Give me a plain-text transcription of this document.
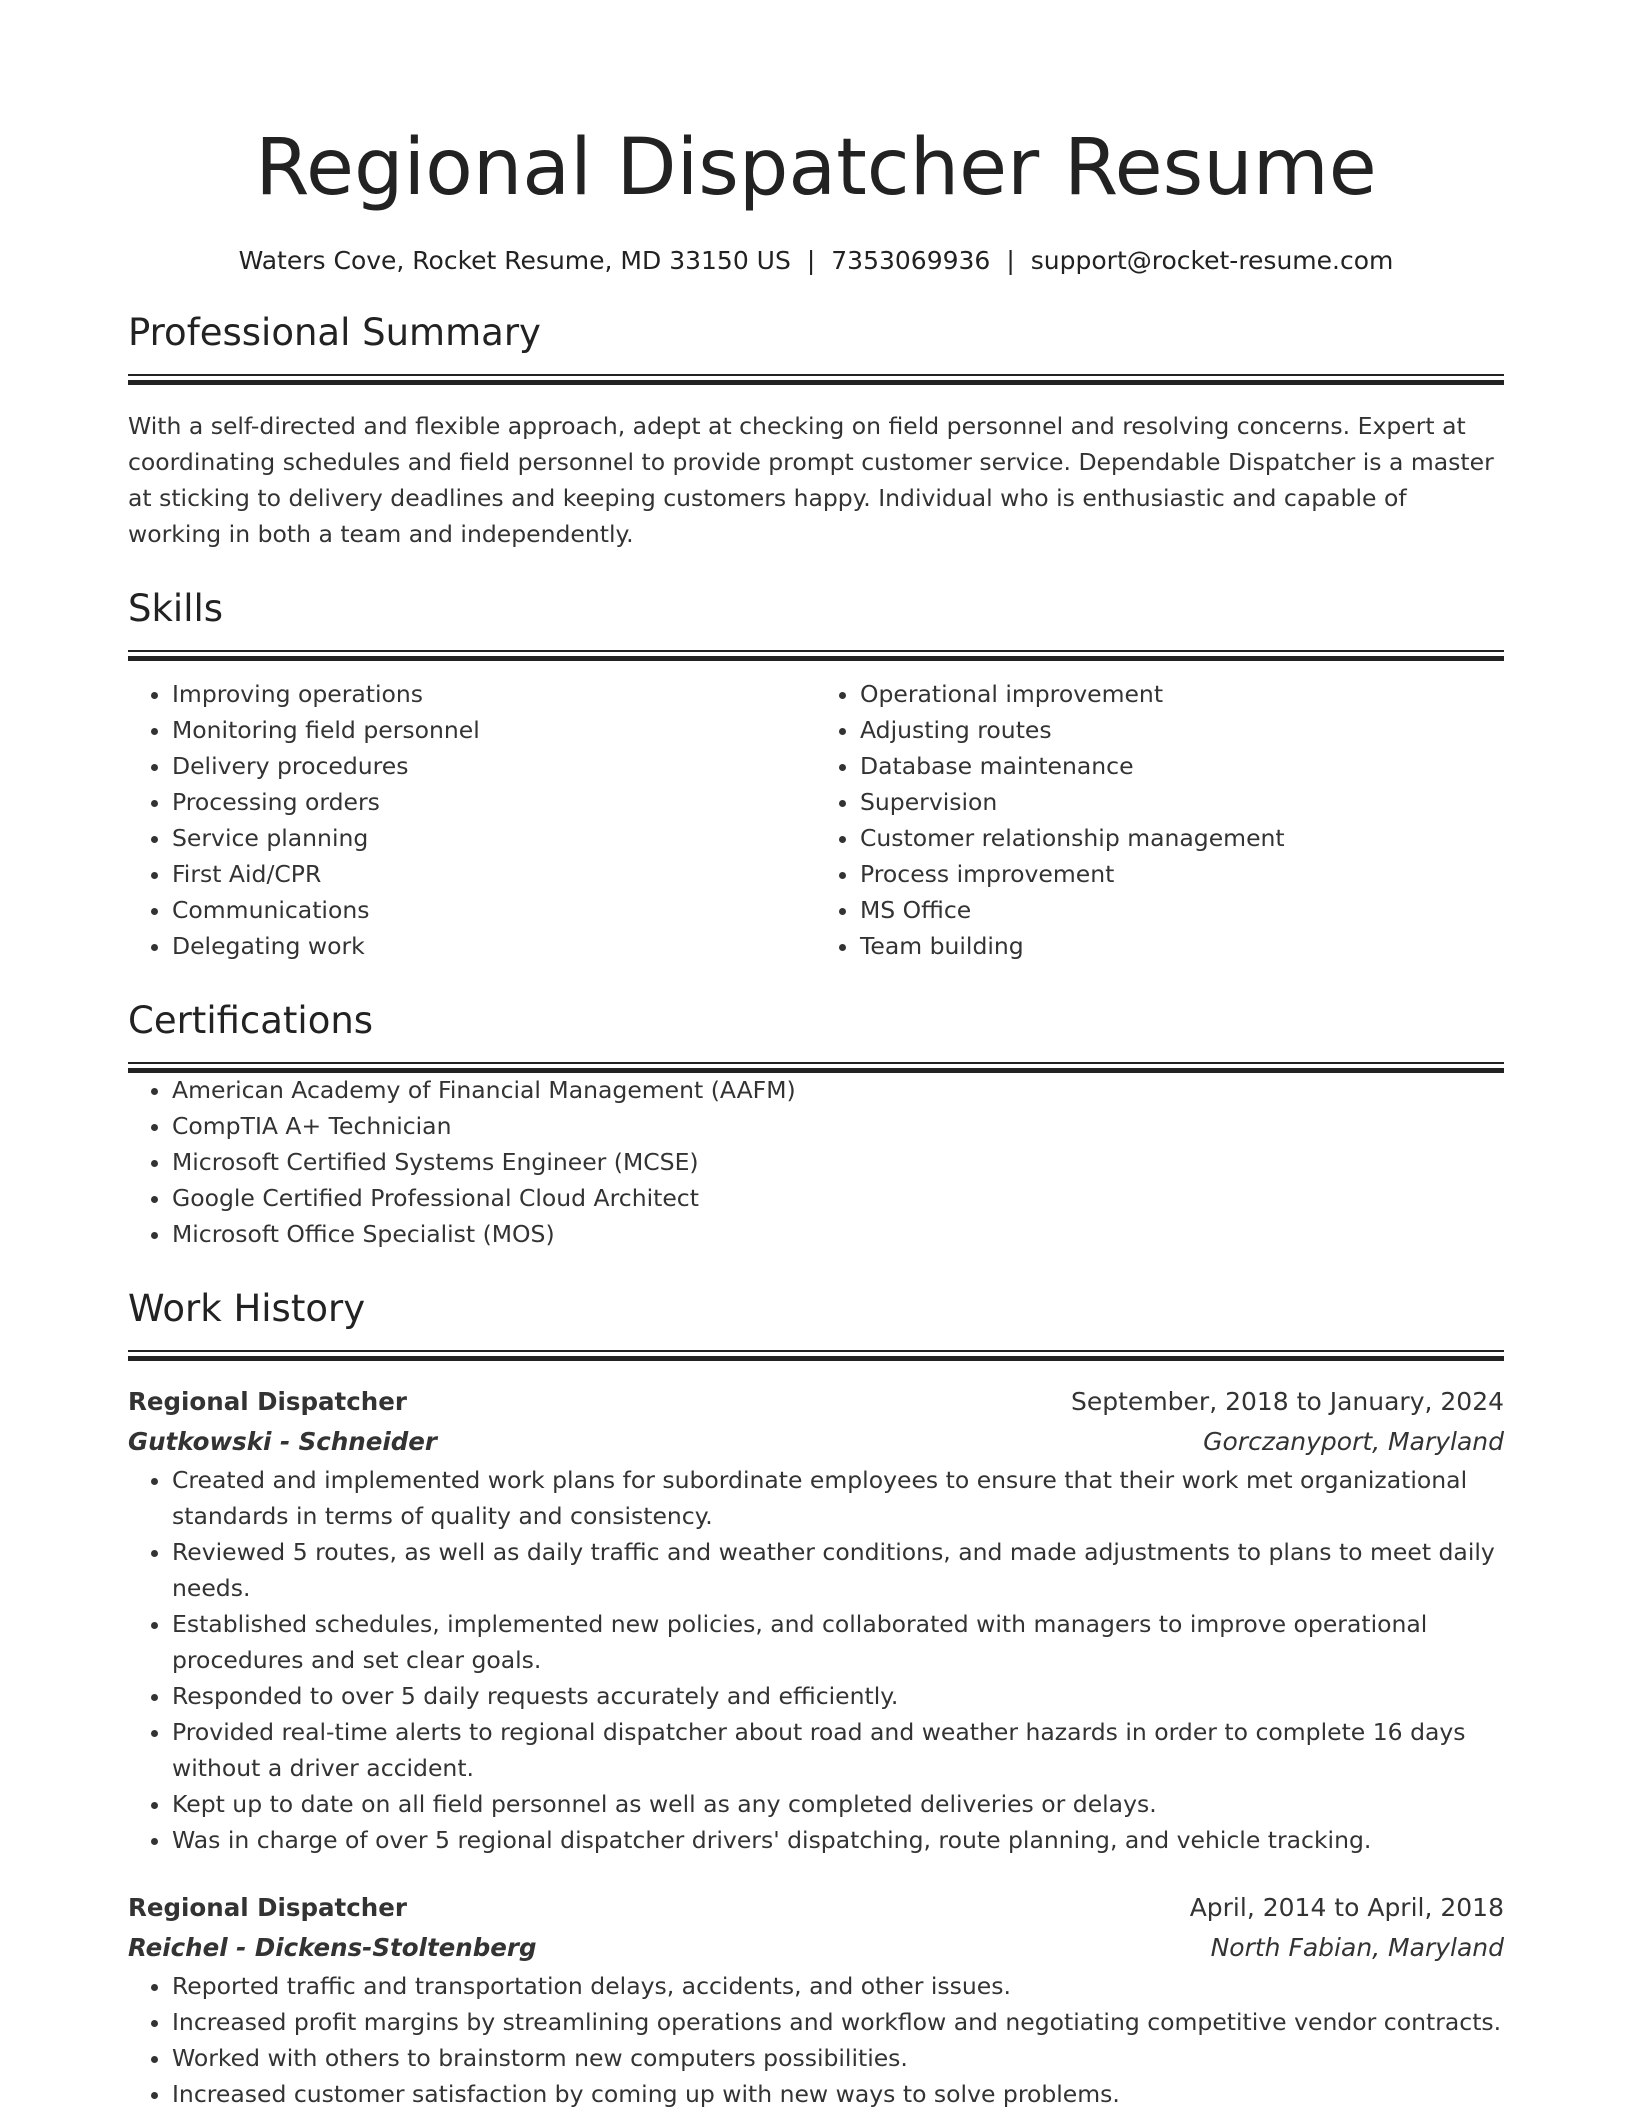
Regional Dispatcher Resume
Waters Cove, Rocket Resume, MD 33150 US | 7353069936 | support@rocket-resume.com
Professional Summary
With a self-directed and flexible approach, adept at checking on field personnel and resolving concerns. Expert at coordinating schedules and field personnel to provide prompt customer service. Dependable Dispatcher is a master at sticking to delivery deadlines and keeping customers happy. Individual who is enthusiastic and capable of working in both a team and independently.
Skills
• Improving operations
• Monitoring field personnel
• Delivery procedures
• Processing orders
• Service planning
• First Aid/CPR
• Communications
• Delegating work
• Operational improvement
• Adjusting routes
• Database maintenance
• Supervision
• Customer relationship management
• Process improvement
• MS Office
• Team building
Certifications
• American Academy of Financial Management (AAFM)
• CompTIA A+ Technician
• Microsoft Certified Systems Engineer (MCSE)
• Google Certified Professional Cloud Architect
• Microsoft Office Specialist (MOS)
Work History
Regional Dispatcher	September, 2018 to January, 2024
Gutkowski - Schneider	Gorczanyport, Maryland
• Created and implemented work plans for subordinate employees to ensure that their work met organizational standards in terms of quality and consistency.
• Reviewed 5 routes, as well as daily traffic and weather conditions, and made adjustments to plans to meet daily needs.
• Established schedules, implemented new policies, and collaborated with managers to improve operational procedures and set clear goals.
• Responded to over 5 daily requests accurately and efficiently.
• Provided real-time alerts to regional dispatcher about road and weather hazards in order to complete 16 days without a driver accident.
• Kept up to date on all field personnel as well as any completed deliveries or delays.
• Was in charge of over 5 regional dispatcher drivers' dispatching, route planning, and vehicle tracking.
Regional Dispatcher	April, 2014 to April, 2018
Reichel - Dickens-Stoltenberg	North Fabian, Maryland
• Reported traffic and transportation delays, accidents, and other issues.
• Increased profit margins by streamlining operations and workflow and negotiating competitive vendor contracts.
• Worked with others to brainstorm new computers possibilities.
• Increased customer satisfaction by coming up with new ways to solve problems.
